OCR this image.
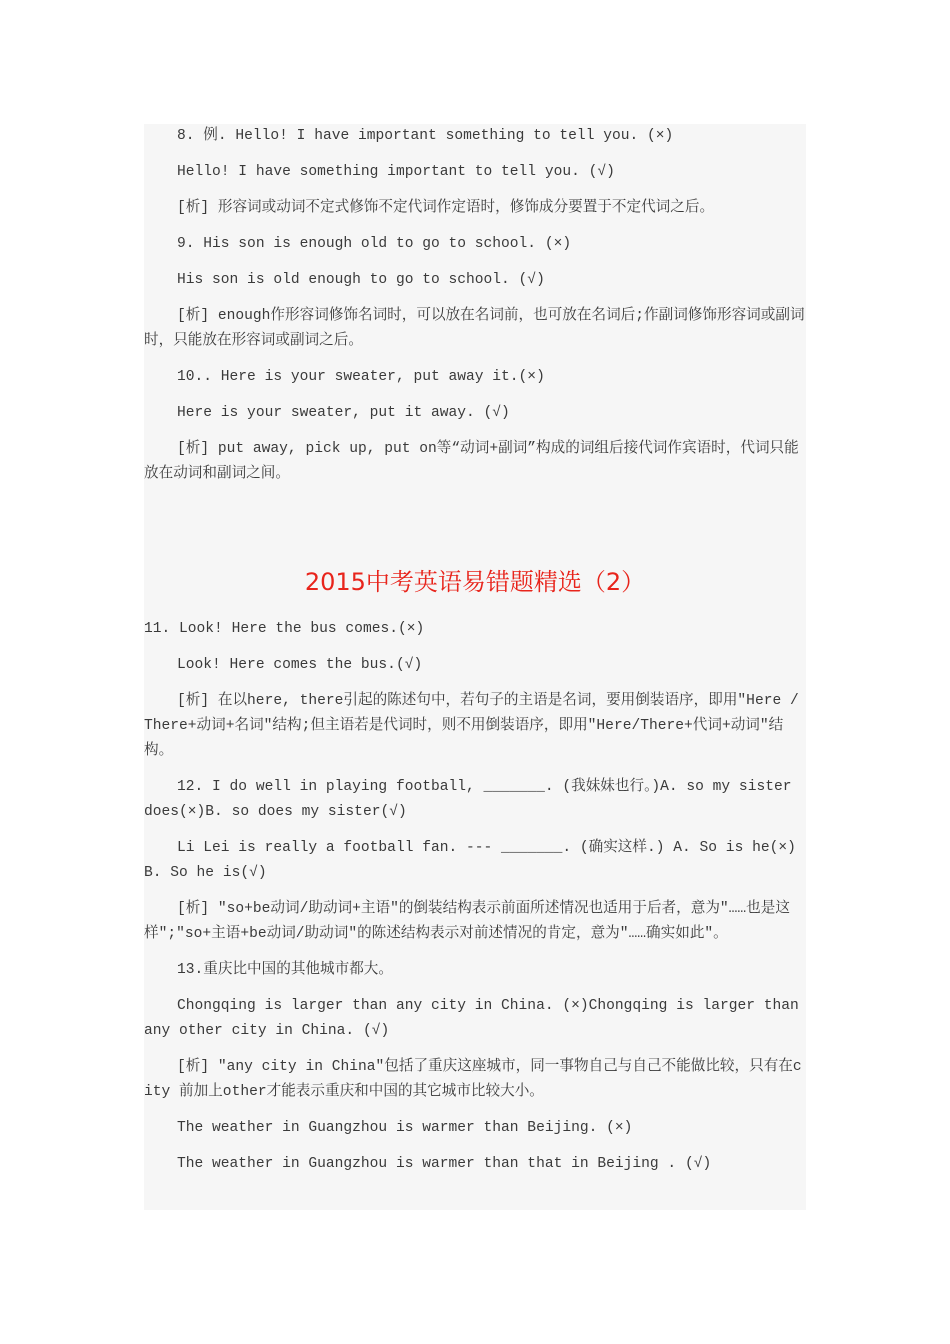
8. 例. Hello! I have important something to tell you. (×)

Hello! I have something important to tell you. (√)

[析] 形容词或动词不定式修饰不定代词作定语时，修饰成分要置于不定代词之后。

9. His son is enough old to go to school. (×)

His son is old enough to go to school. (√)

[析] enough作形容词修饰名词时，可以放在名词前，也可放在名词后;作副词修饰形容词或副词时，只能放在形容词或副词之后。

10.. Here is your sweater, put away it.(×)

Here is your sweater, put it away. (√)

[析] put away, pick up, put on等“动词+副词”构成的词组后接代词作宾语时，代词只能放在动词和副词之间。

2015中考英语易错题精选（2）

11. Look! Here the bus comes.(×)

Look! Here comes the bus.(√)

[析] 在以here, there引起的陈述句中，若句子的主语是名词，要用倒装语序，即用"Here /There+动词+名词"结构;但主语若是代词时，则不用倒装语序，即用"Here/There+代词+动词"结构。

12. I do well in playing football, _______. (我妹妹也行。)A. so my sister does(×)B. so does my sister(√)

Li Lei is really a football fan. --- _______. (确实这样.) A. So is he(×)B. So he is(√)

[析] "so+be动词/助动词+主语"的倒装结构表示前面所述情况也适用于后者，意为"……也是这样";"so+主语+be动词/助动词"的陈述结构表示对前述情况的肯定，意为"……确实如此"。

13.重庆比中国的其他城市都大。

Chongqing is larger than any city in China. (×)Chongqing is larger than any other city in China. (√)

[析] "any city in China"包括了重庆这座城市，同一事物自己与自己不能做比较，只有在city 前加上other才能表示重庆和中国的其它城市比较大小。

The weather in Guangzhou is warmer than Beijing. (×)

The weather in Guangzhou is warmer than that in Beijing . (√)
